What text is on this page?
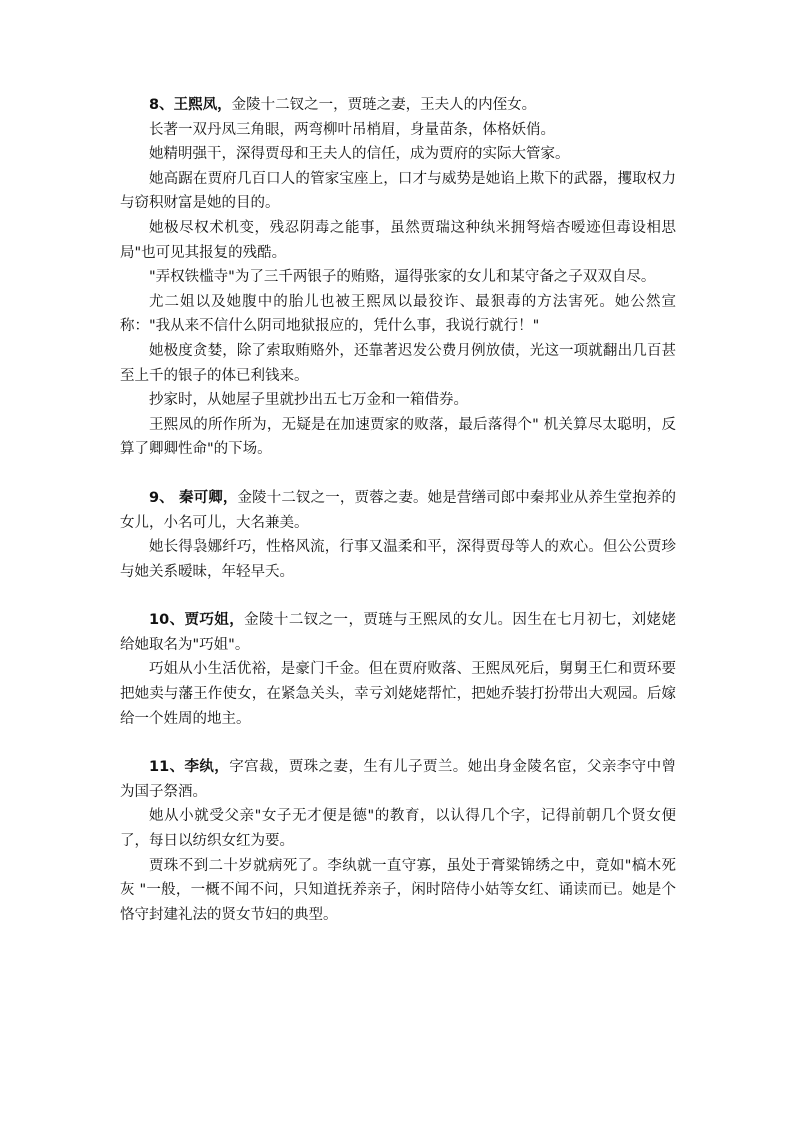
8、王熙凤，金陵十二钗之一，贾琏之妻，王夫人的内侄女。

长著一双丹凤三角眼，两弯柳叶吊梢眉，身量苗条，体格妖俏。

她精明强干，深得贾母和王夫人的信任，成为贾府的实际大管家。

她高踞在贾府几百口人的管家宝座上，口才与威势是她谄上欺下的武器，攫取权力与窃积财富是她的目的。

她极尽权术机变，残忍阴毒之能事，虽然贾瑞这种纨米拥弩焙杏嗳迹但毒设相思局"也可见其报复的残酷。

"弄权铁槛寺"为了三千两银子的贿赂，逼得张家的女儿和某守备之子双双自尽。

尤二姐以及她腹中的胎儿也被王熙凤以最狡诈、最狠毒的方法害死。她公然宣称："我从来不信什么阴司地狱报应的，凭什么事，我说行就行！"

她极度贪婪，除了索取贿赂外，还靠著迟发公费月例放债，光这一项就翻出几百甚至上千的银子的体已利钱来。

抄家时，从她屋子里就抄出五七万金和一箱借券。

王熙凤的所作所为，无疑是在加速贾家的败落，最后落得个" 机关算尽太聪明，反算了卿卿性命"的下场。

9、 秦可卿，金陵十二钗之一，贾蓉之妻。她是营缮司郎中秦邦业从养生堂抱养的女儿，小名可儿，大名兼美。

她长得袅娜纤巧，性格风流，行事又温柔和平，深得贾母等人的欢心。但公公贾珍与她关系暧昧，年轻早夭。

10、贾巧姐，金陵十二钗之一，贾琏与王熙凤的女儿。因生在七月初七，刘姥姥给她取名为"巧姐"。

巧姐从小生活优裕，是豪门千金。但在贾府败落、王熙凤死后，舅舅王仁和贾环要把她卖与藩王作使女，在紧急关头，幸亏刘姥姥帮忙，把她乔装打扮带出大观园。后嫁给一个姓周的地主。

11、李纨，字宫裁，贾珠之妻，生有儿子贾兰。她出身金陵名宦，父亲李守中曾为国子祭酒。

她从小就受父亲"女子无才便是德"的教育，以认得几个字，记得前朝几个贤女便了，每日以纺织女红为要。

贾珠不到二十岁就病死了。李纨就一直守寡，虽处于膏粱锦绣之中，竟如"槁木死灰 "一般，一概不闻不问，只知道抚养亲子，闲时陪侍小姑等女红、诵读而已。她是个恪守封建礼法的贤女节妇的典型。
